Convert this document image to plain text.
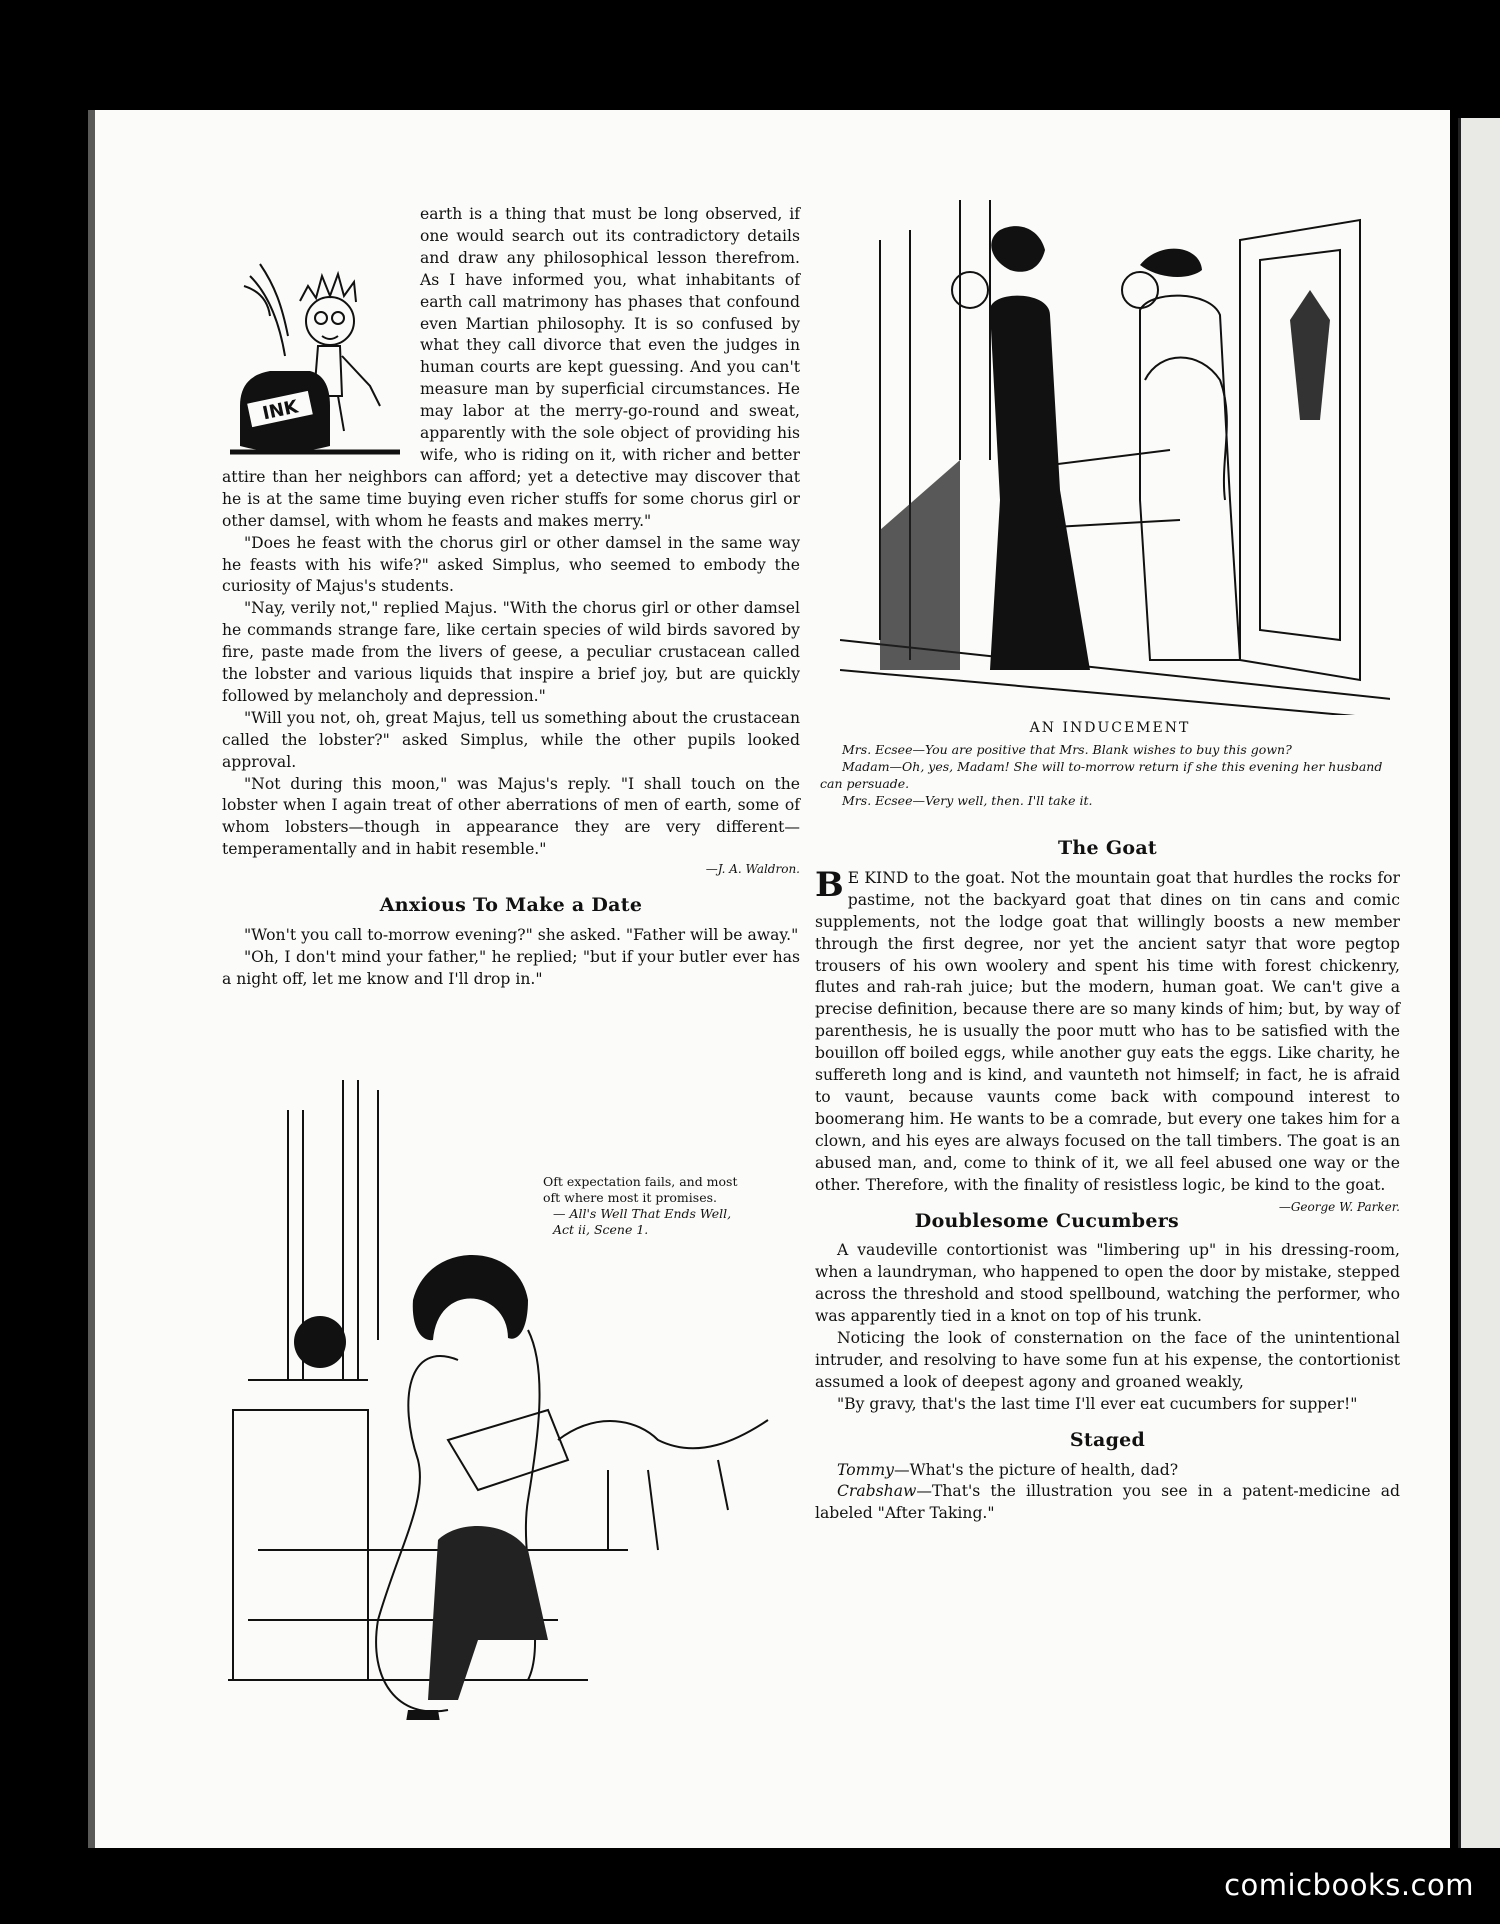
INK

earth is a thing that must be long observed, if one would search out its contradictory details and draw any philosophical lesson therefrom. As I have informed you, what inhabitants of earth call matrimony has phases that confound even Martian philosophy. It is so confused by what they call divorce that even the judges in human courts are kept guessing. And you can't measure man by superficial circumstances. He may labor at the merry-go-round and sweat, apparently with the sole object of providing his wife, who is riding on it, with richer and better attire than her neighbors can afford; yet a detective may discover that he is at the same time buying even richer stuffs for some chorus girl or other damsel, with whom he feasts and makes merry."

"Does he feast with the chorus girl or other damsel in the same way he feasts with his wife?" asked Simplus, who seemed to embody the curiosity of Majus's students.

"Nay, verily not," replied Majus. "With the chorus girl or other damsel he commands strange fare, like certain species of wild birds savored by fire, paste made from the livers of geese, a peculiar crustacean called the lobster and various liquids that inspire a brief joy, but are quickly followed by melancholy and depression."

"Will you not, oh, great Majus, tell us something about the crustacean called the lobster?" asked Simplus, while the other pupils looked approval.

"Not during this moon," was Majus's reply. "I shall touch on the lobster when I again treat of other aberrations of men of earth, some of whom lobsters—though in appearance they are very different—temperamentally and in habit resemble."

—J. A. Waldron.
Anxious To Make a Date

"Won't you call to-morrow evening?" she asked. "Father will be away."

"Oh, I don't mind your father," he replied; "but if your butler ever has a night off, let me know and I'll drop in."

Oft expectation fails, and most oft where most it promises.

— All's Well That Ends Well, Act ii, Scene 1.

AN INDUCEMENT

Mrs. Ecsee—You are positive that Mrs. Blank wishes to buy this gown?

Madam—Oh, yes, Madam! She will to-morrow return if she this evening her husband can persuade.

Mrs. Ecsee—Very well, then. I'll take it.

The Goat

B E KIND to the goat. Not the mountain goat that hurdles the rocks for pastime, not the backyard goat that dines on tin cans and comic supplements, not the lodge goat that willingly boosts a new member through the first degree, nor yet the ancient satyr that wore pegtop trousers of his own woolery and spent his time with forest chickenry, flutes and rah-rah juice; but the modern, human goat. We can't give a precise definition, because there are so many kinds of him; but, by way of parenthesis, he is usually the poor mutt who has to be satisfied with the bouillon off boiled eggs, while another guy eats the eggs. Like charity, he suffereth long and is kind, and vaunteth not himself; in fact, he is afraid to vaunt, because vaunts come back with compound interest to boomerang him. He wants to be a comrade, but every one takes him for a clown, and his eyes are always focused on the tall timbers. The goat is an abused man, and, come to think of it, we all feel abused one way or the other. Therefore, with the finality of resistless logic, be kind to the goat.
—George W. Parker.

Doublesome Cucumbers

A vaudeville contortionist was "limbering up" in his dressing-room, when a laundryman, who happened to open the door by mistake, stepped across the threshold and stood spellbound, watching the performer, who was apparently tied in a knot on top of his trunk.

Noticing the look of consternation on the face of the unintentional intruder, and resolving to have some fun at his expense, the contortionist assumed a look of deepest agony and groaned weakly,

"By gravy, that's the last time I'll ever eat cucumbers for supper!"

Staged

Tommy—What's the picture of health, dad?

Crabshaw—That's the illustration you see in a patent-medicine ad labeled "After Taking."

comicbooks.com
